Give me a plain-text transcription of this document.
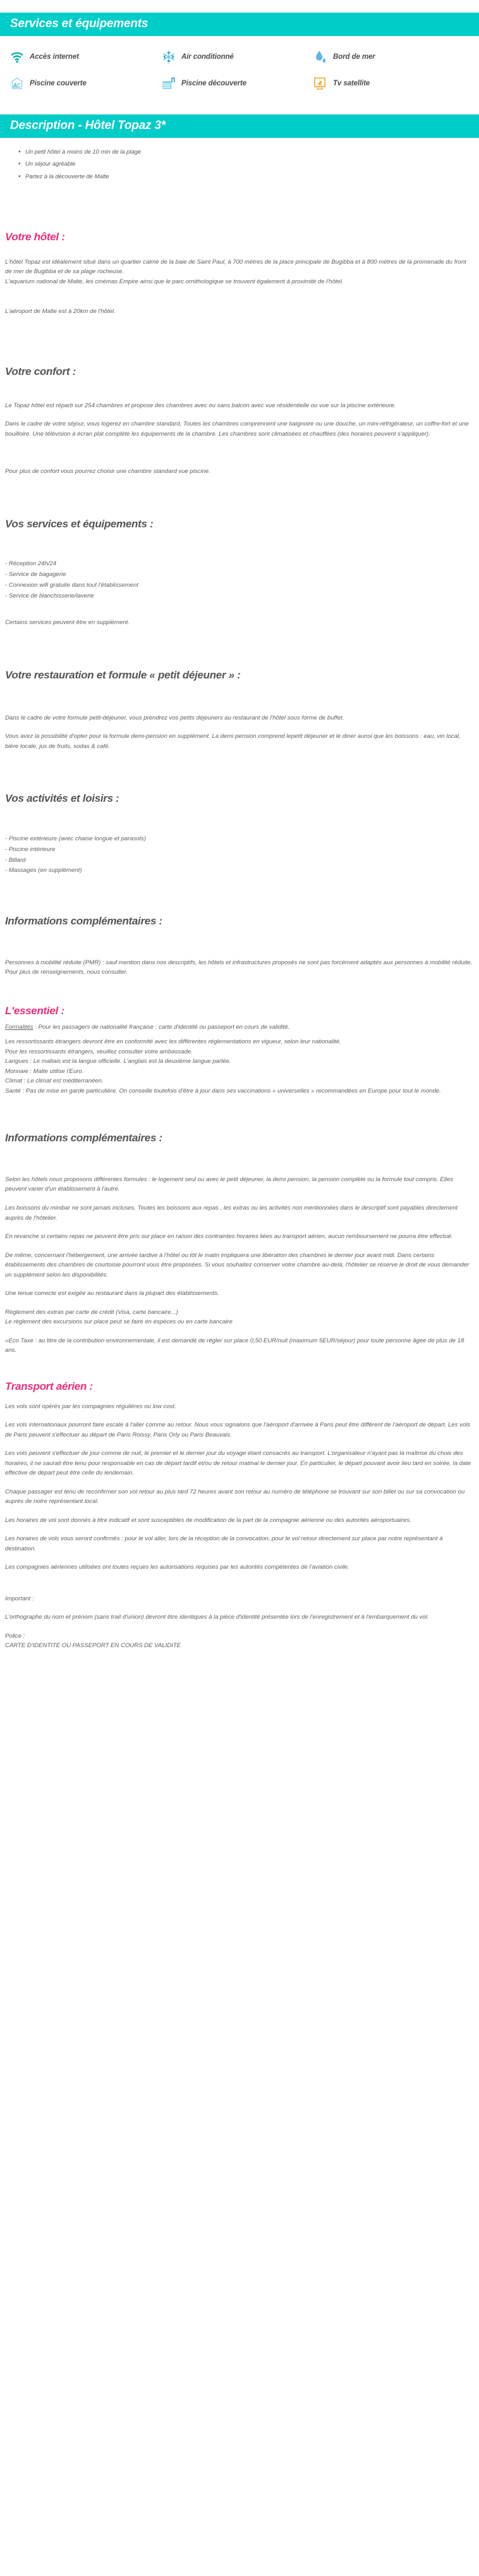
Services et équipements
Accès internet	Air conditionné	Bord de mer
Piscine couverte	Piscine découverte	Tv satellite
Description - Hôtel Topaz 3*
• Un petit hôtel à moins de 10 min de la plage
• Un séjour agréable
• Partez à la découverte de Malte
Votre hôtel :

L'hôtel Topaz est idéalement situé dans un quartier calme de la baie de Saint Paul, à 700 mètres de la place principale de Bugibba et à 800 mètres de la promenade du front de mer de Bugibba et de sa plage rocheuse.

L'aquarium national de Malte, les cinémas Empire ainsi que le parc ornithologique se trouvent également à proximité de l'hôtel.

L'aéroport de Malte est à 20km de l'hôtel.

Votre confort :

Le Topaz hôtel est réparti sur 254 chambres et propose des chambres avec ou sans balcon avec vue résidentielle ou vue sur la piscine extérieure.

Dans le cadre de votre séjour, vous logerez en chambre standard, Toutes les chambres comprennent une baignoire ou une douche, un mini-réfrigérateur, un coffre-fort et une bouilloire. Une télévision à écran plat complète les équipements de la chambre. Les chambres sont climatisées et chauffées (des horaires peuvent s'appliquer).

Pour plus de confort vous pourrez choisir une chambre standard vue piscine.

Vos services et équipements :
- Réception 24h/24
- Service de bagagerie
- Connexion wifi gratuite dans tout l'établissement
- Service de blanchisserie/laverie

Certains services peuvent être en supplément.

Votre restauration et formule « petit déjeuner » :

Dans le cadre de votre formule petit-déjeuner, vous prendrez vos petits déjeuners au restaurant de l'hôtel sous forme de buffet.

Vous avez la possibilité d'opter pour la formule demi-pension en supplément. La demi pension comprend lepetit déjeuner et le diner aunsi que les boissons : eau, vin local, bière locale, jus de fruits, sodas & café.

Vos activités et loisirs :
- Piscine extérieure (avec chaise longue et parasols)
- Piscine intérieure
- Billard
- Massages (en supplément)
Informations complémentaires :

Personnes à mobilité réduite (PMR) : sauf mention dans nos descriptifs, les hôtels et infrastructures proposés ne sont pas forcément adaptés aux personnes à mobilité réduite.

Pour plus de renseignements, nous consulter.

L'essentiel :

Formalités : Pour les passagers de nationalité française : carte d'identité ou passeport en cours de validité.

Les ressortissants étrangers devront être en conformité avec les différentes réglementations en vigueur, selon leur nationalité.

Pour les ressortissants étrangers, veuillez consulter votre ambassade.

Langues : Le maltais est la langue officielle. L'anglais est la deuxième langue parlée.

Monnaie : Malte utilise l'Euro.

Climat : Le climat est méditerranéen.

Santé : Pas de mise en garde particulière. On conseille toutefois d'être à jour dans ses vaccinations « universelles » recommandées en Europe pour tout le monde.

Informations complémentaires :

Selon les hôtels nous proposons différentes formules : le logement seul ou avec le petit déjeuner, la demi pension, la pension complète ou la formule tout compris. Elles peuvent varier d'un établissement à l'autre.

Les boissons du minibar ne sont jamais incluses. Toutes les boissons aux repas , les extras ou les activités non mentionnées dans le descriptif sont payables directement auprès de l'hôtelier.

En revanche si certains repas ne peuvent être pris sur place en raison des contraintes horaires liées au transport aérien, aucun remboursement ne pourra être effectué.

De même, concernant l'hébergement, une arrivée tardive à l'hôtel ou tôt le matin impliquera une libération des chambres le dernier jour avant midi. Dans certains établissements des chambres de courtoisie pourront vous être proposées. Si vous souhaitez conserver votre chambre au-delà, l'hôtelier se réserve le droit de vous demander un supplément selon les disponibilités.

Une tenue correcte est exigée au restaurant dans la plupart des établissements.

Règlement des extras par carte de crédit (Visa, carte bancaire...)

Le règlement des excursions sur place peut se faire en espèces ou en carte bancaire

«Eco Taxe : au titre de la contribution environnementale, il est demandé de régler sur place 0,50 EUR/nuit (maximum 5EUR/séjour) pour toute personne âgée de plus de 18 ans.

Transport aérien :

Les vols sont opérés par les compagnies régulières ou low cost.

Les vols internationaux pourront faire escale à l'aller comme au retour. Nous vous signalons que l'aéroport d'arrivée à Paris peut être différent de l'aéroport de départ. Les vols de Paris peuvent s'effectuer au départ de Paris Roissy, Paris Orly ou Paris Beauvais.

Les vols peuvent s'effectuer de jour comme de nuit, le premier et le dernier jour du voyage étant consacrés au transport. L'organisateur n'ayant pas la maîtrise du choix des horaires, il ne saurait être tenu pour responsable en cas de départ tardif et/ou de retour matinal le dernier jour. En particulier, le départ pouvant avoir lieu tard en soirée, la date effective de départ peut être celle du lendemain.

Chaque passager est tenu de reconfirmer son vol retour au plus tard 72 heures avant son retour au numéro de téléphone se trouvant sur son billet ou sur sa convocation ou auprès de notre représentant local.

Les horaires de vol sont donnés à titre indicatif et sont susceptibles de modification de la part de la compagnie aérienne ou des autorités aéroportuaires.

Les horaires de vols vous seront confirmés : pour le vol aller, lors de la réception de la convocation, pour le vol retour directement sur place par notre représentant à destination.

Les compagnies aériennes utilisées ont toutes reçues les autorisations requises par les autorités compétentes de l'aviation civile.

Important :

L'orthographe du nom et prénom (sans trait d'union) devront être identiques à la pièce d'identité présentée lors de l'enregistrement et à l'embarquement du vol.

Police :

CARTE D'IDENTITE OU PASSEPORT EN COURS DE VALIDITE
